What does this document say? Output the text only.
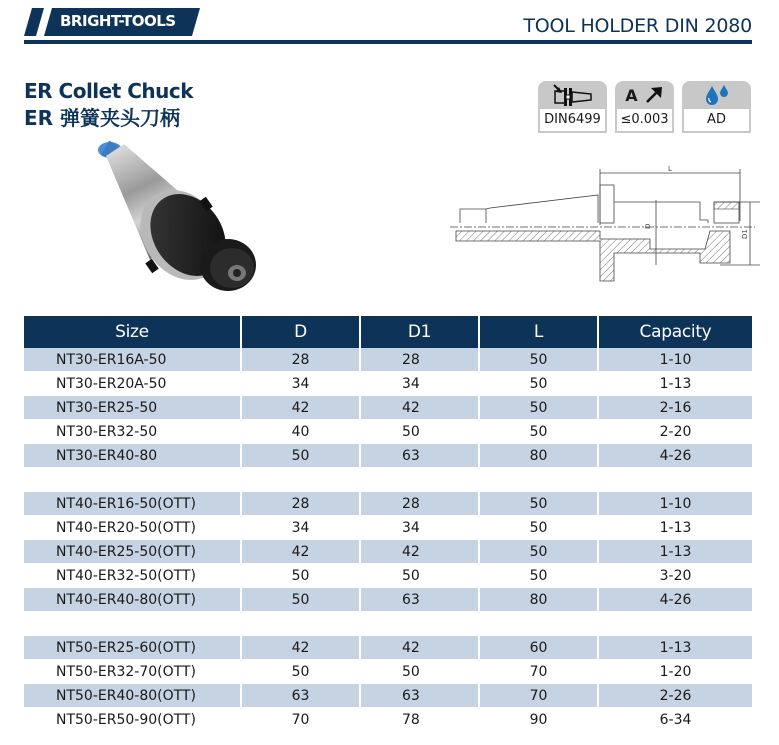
BRIGHT-TOOLS	TOOL HOLDER DIN 2080
ER Collet Chuck
ER 弹簧夹头刀柄	DIN6499
A
≤0.003	AD
L
D
D1
Size	D	D1	L	Capacity
NT30-ER16A-50	28	28	50	1-10
NT30-ER20A-50	34	34	50	1-13
NT30-ER25-50	42	42	50	2-16
NT30-ER32-50	40	50	50	2-20
NT30-ER40-80	50	63	80	4-26

NT40-ER16-50(OTT)	28	28	50	1-10
NT40-ER20-50(OTT)	34	34	50	1-13
NT40-ER25-50(OTT)	42	42	50	1-13
NT40-ER32-50(OTT)	50	50	50	3-20
NT40-ER40-80(OTT)	50	63	80	4-26

NT50-ER25-60(OTT)	42	42	60	1-13
NT50-ER32-70(OTT)	50	50	70	1-20
NT50-ER40-80(OTT)	63	63	70	2-26
NT50-ER50-90(OTT)	70	78	90	6-34
